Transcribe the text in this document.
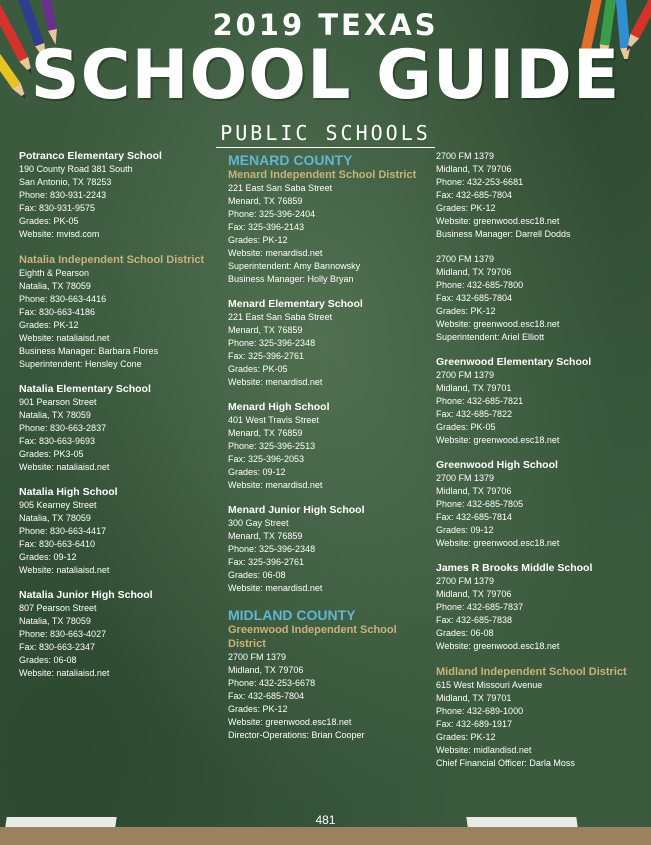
2019 TEXAS
SCHOOL GUIDE
PUBLIC SCHOOLS
Potranco Elementary School
190 County Road 381 South
San Antonio, TX 78253
Phone: 830-931-2243
Fax: 830-931-9575
Grades: PK-05
Website: mvisd.com
Natalia Independent School District
Eighth & Pearson
Natalia, TX 78059
Phone: 830-663-4416
Fax: 830-663-4186
Grades: PK-12
Website: nataliaisd.net
Business Manager: Barbara Flores
Superintendent: Hensley Cone
Natalia Elementary School
901 Pearson Street
Natalia, TX 78059
Phone: 830-663-2837
Fax: 830-663-9693
Grades: PK3-05
Website: nataliaisd.net
Natalia High School
905 Kearney Street
Natalia, TX 78059
Phone: 830-663-4417
Fax: 830-663-6410
Grades: 09-12
Website: nataliaisd.net
Natalia Junior High School
807 Pearson Street
Natalia, TX 78059
Phone: 830-663-4027
Fax: 830-663-2347
Grades: 06-08
Website: nataliaisd.net
MENARD COUNTY
Menard Independent School District
221 East San Saba Street
Menard, TX 76859
Phone: 325-396-2404
Fax: 325-396-2143
Grades: PK-12
Website: menardisd.net
Superintendent: Amy Bannowsky
Business Manager: Holly Bryan
Menard Elementary School
221 East San Saba Street
Menard, TX 76859
Phone: 325-396-2348
Fax: 325-396-2761
Grades: PK-05
Website: menardisd.net
Menard High School
401 West Travis Street
Menard, TX 76859
Phone: 325-396-2513
Fax: 325-396-2053
Grades: 09-12
Website: menardisd.net
Menard Junior High School
300 Gay Street
Menard, TX 76859
Phone: 325-396-2348
Fax: 325-396-2761
Grades: 06-08
Website: menardisd.net
MIDLAND COUNTY
Greenwood Independent School District
2700 FM 1379
Midland, TX 79706
Phone: 432-253-6678
Fax: 432-685-7804
Grades: PK-12
Website: greenwood.esc18.net
Director-Operations: Brian Cooper
2700 FM 1379
Midland, TX 79706
Phone: 432-253-6681
Fax: 432-685-7804
Grades: PK-12
Website: greenwood.esc18.net
Business Manager: Darrell Dodds
2700 FM 1379
Midland, TX 79706
Phone: 432-685-7800
Fax: 432-685-7804
Grades: PK-12
Website: greenwood.esc18.net
Superintendent: Ariel Elliott
Greenwood Elementary School
2700 FM 1379
Midland, TX 79701
Phone: 432-685-7821
Fax: 432-685-7822
Grades: PK-05
Website: greenwood.esc18.net
Greenwood High School
2700 FM 1379
Midland, TX 79706
Phone: 432-685-7805
Fax: 432-685-7814
Grades: 09-12
Website: greenwood.esc18.net
James R Brooks Middle School
2700 FM 1379
Midland, TX 79706
Phone: 432-685-7837
Fax: 432-685-7838
Grades: 06-08
Website: greenwood.esc18.net
Midland Independent School District
615 West Missouri Avenue
Midland, TX 79701
Phone: 432-689-1000
Fax: 432-689-1917
Grades: PK-12
Website: midlandisd.net
Chief Financial Officer: Darla Moss
481
